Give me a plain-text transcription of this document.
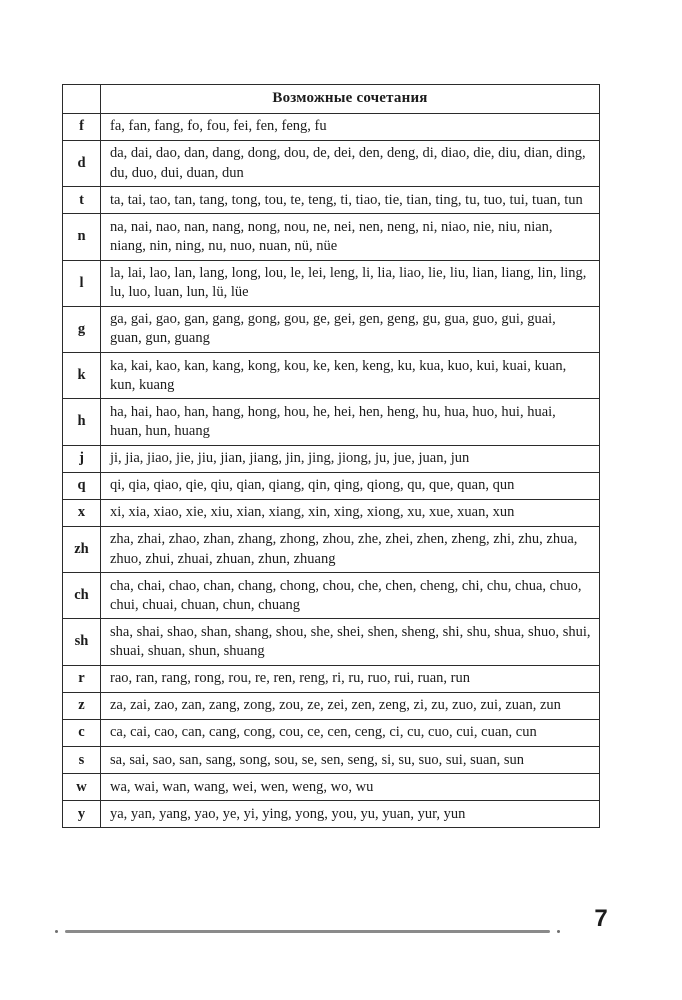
	Возможные сочетания
f	fa, fan, fang, fo, fou, fei, fen, feng, fu
d	da, dai, dao, dan, dang, dong, dou, de, dei, den, deng, di, diao, die, diu, dian, ding, du, duo, dui, duan, dun
t	ta, tai, tao, tan, tang, tong, tou, te, teng, ti, tiao, tie, tian, ting, tu, tuo, tui, tuan, tun
n	na, nai, nao, nan, nang, nong, nou, ne, nei, nen, neng, ni, niao, nie, niu, nian, niang, nin, ning, nu, nuo, nuan, nü, nüe
l	la, lai, lao, lan, lang, long, lou, le, lei, leng, li, lia, liao, lie, liu, lian, liang, lin, ling, lu, luo, luan, lun, lü, lüe
g	ga, gai, gao, gan, gang, gong, gou, ge, gei, gen, geng, gu, gua, guo, gui, guai, guan, gun, guang
k	ka, kai, kao, kan, kang, kong, kou, ke, ken, keng, ku, kua, kuo, kui, kuai, kuan, kun, kuang
h	ha, hai, hao, han, hang, hong, hou, he, hei, hen, heng, hu, hua, huo, hui, huai, huan, hun, huang
j	ji, jia, jiao, jie, jiu, jian, jiang, jin, jing, jiong, ju, jue, juan, jun
q	qi, qia, qiao, qie, qiu, qian, qiang, qin, qing, qiong, qu, que, quan, qun
x	xi, xia, xiao, xie, xiu, xian, xiang, xin, xing, xiong, xu, xue, xuan, xun
zh	zha, zhai, zhao, zhan, zhang, zhong, zhou, zhe, zhei, zhen, zheng, zhi, zhu, zhua, zhuo, zhui, zhuai, zhuan, zhun, zhuang
ch	cha, chai, chao, chan, chang, chong, chou, che, chen, cheng, chi, chu, chua, chuo, chui, chuai, chuan, chun, chuang
sh	sha, shai, shao, shan, shang, shou, she, shei, shen, sheng, shi, shu, shua, shuo, shui, shuai, shuan, shun, shuang
r	rao, ran, rang, rong, rou, re, ren, reng, ri, ru, ruo, rui, ruan, run
z	za, zai, zao, zan, zang, zong, zou, ze, zei, zen, zeng, zi, zu, zuo, zui, zuan, zun
c	ca, cai, cao, can, cang, cong, cou, ce, cen, ceng, ci, cu, cuo, cui, cuan, cun
s	sa, sai, sao, san, sang, song, sou, se, sen, seng, si, su, suo, sui, suan, sun
w	wa, wai, wan, wang, wei, wen, weng, wo, wu
y	ya, yan, yang, yao, ye, yi, ying, yong, you, yu, yuan, yur, yun
7
